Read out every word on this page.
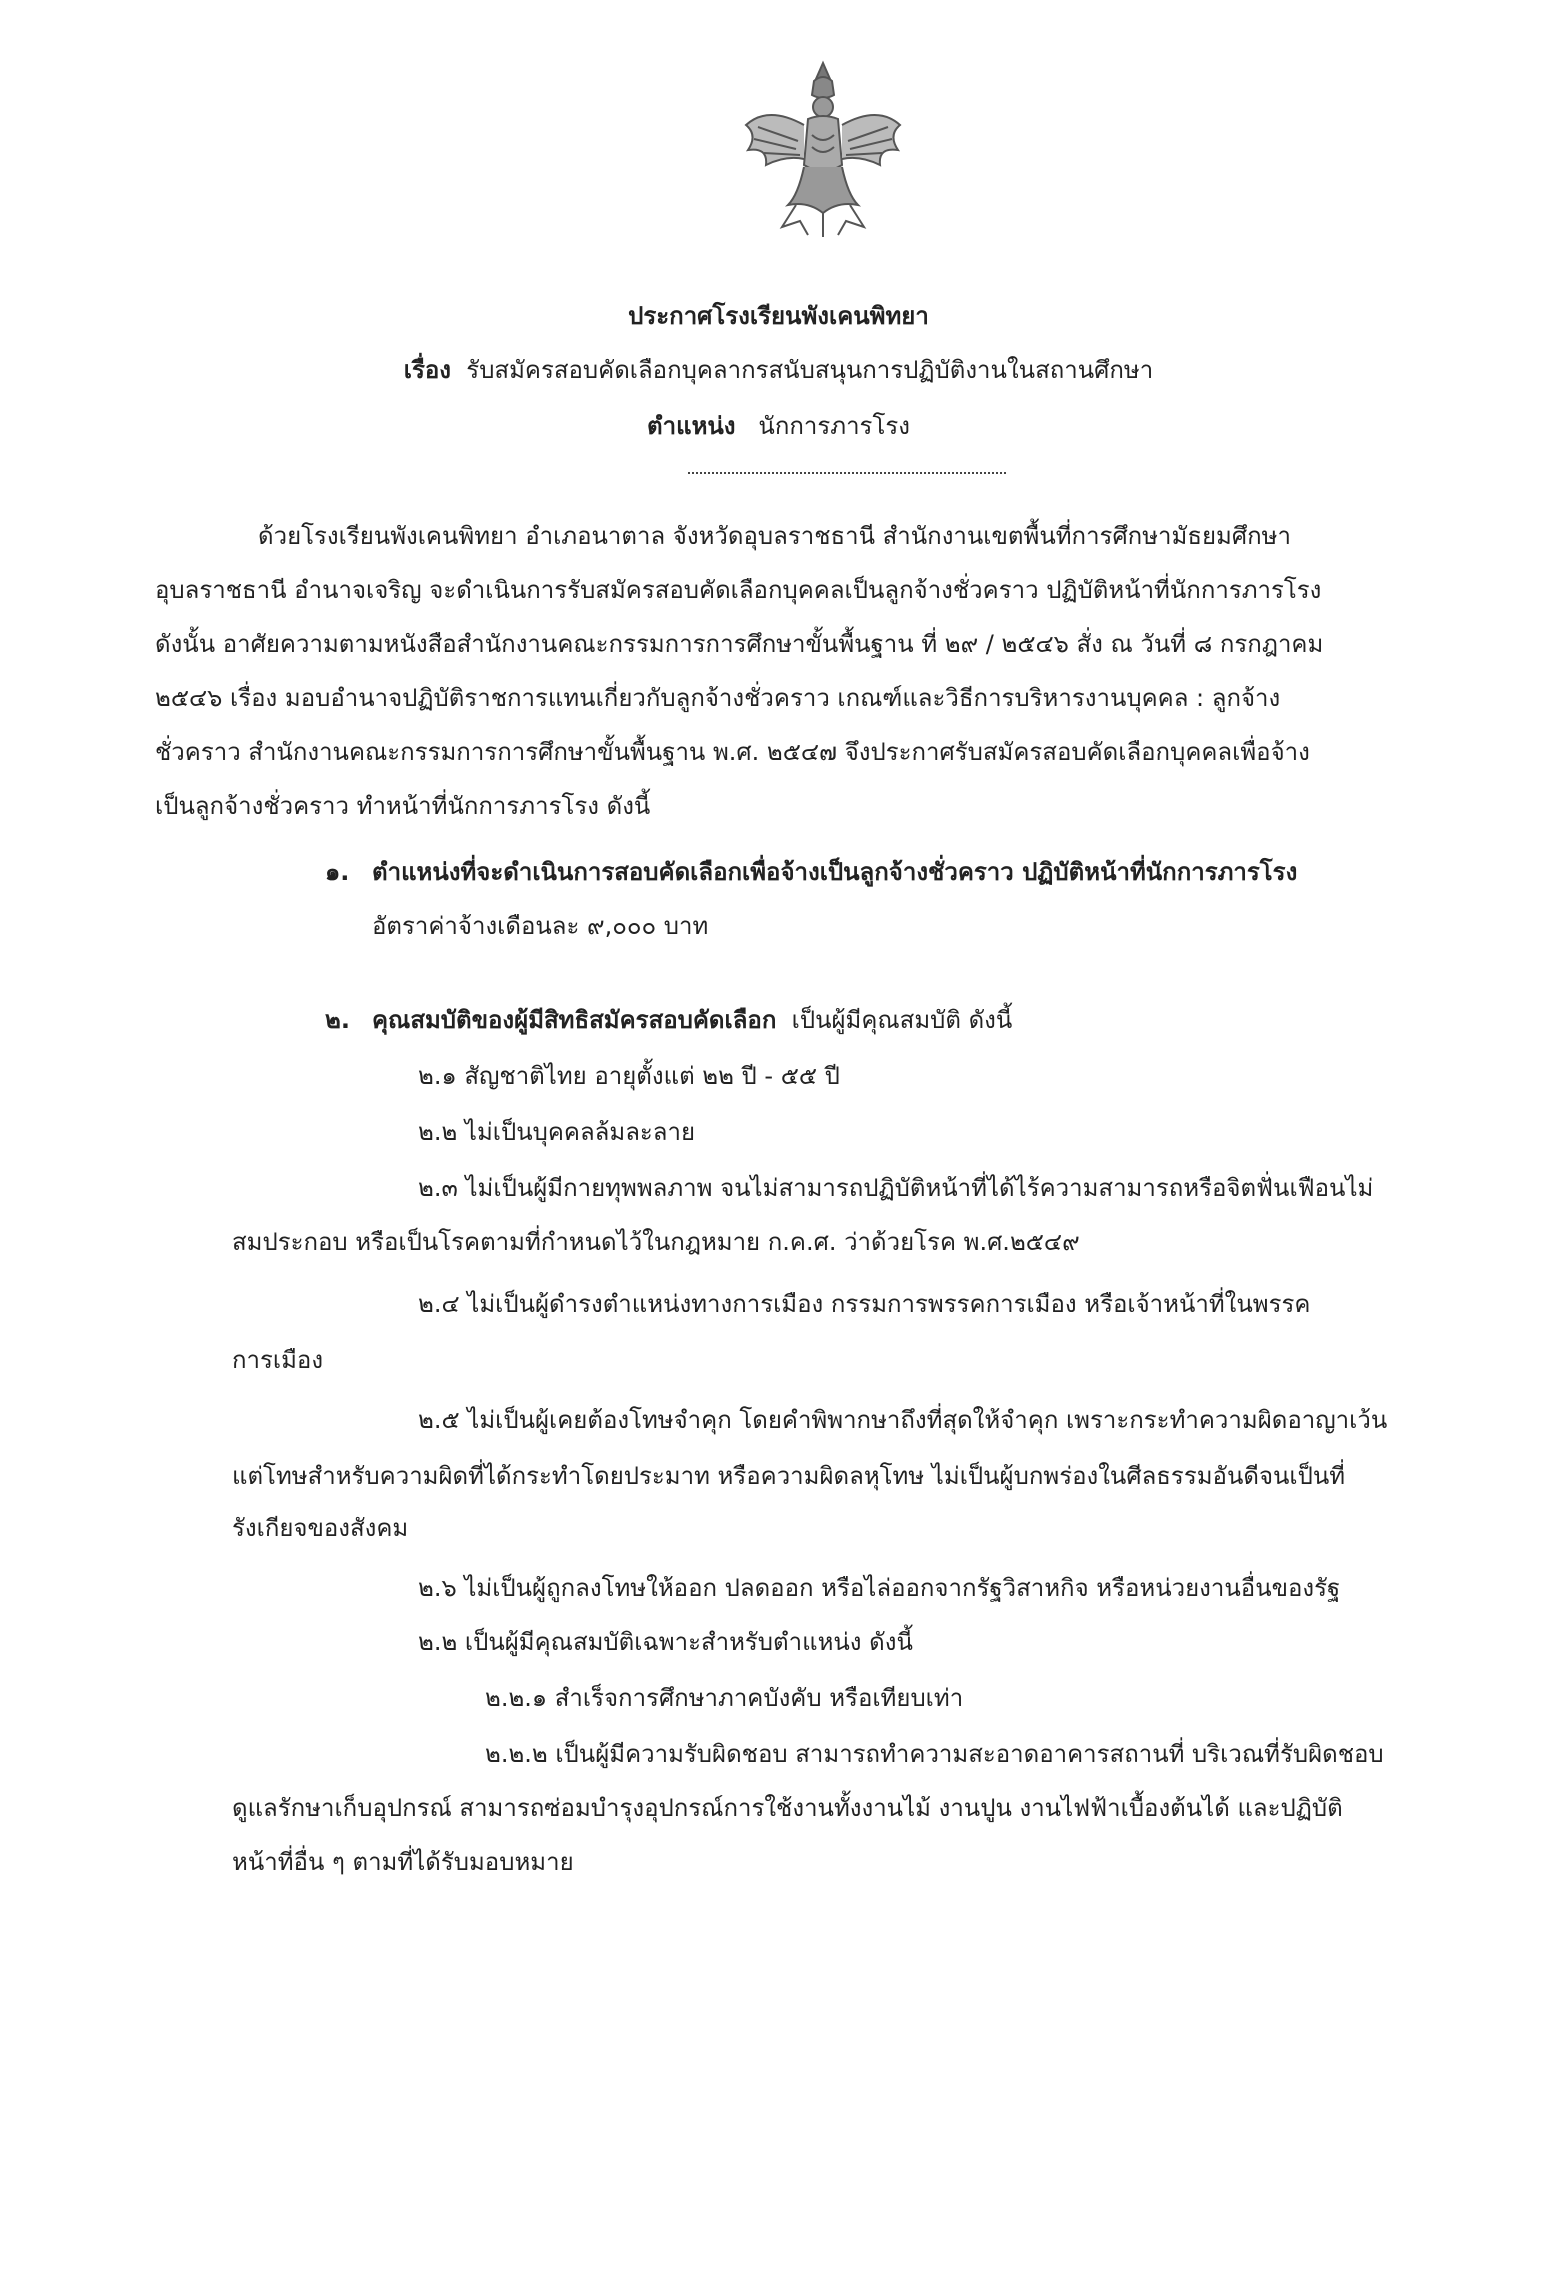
ประกาศโรงเรียนพังเคนพิทยา
เรื่อง รับสมัครสอบคัดเลือกบุคลากรสนับสนุนการปฏิบัติงานในสถานศึกษา
ตำแหน่ง นักการภารโรง
ด้วยโรงเรียนพังเคนพิทยา อำเภอนาตาล จังหวัดอุบลราชธานี สำนักงานเขตพื้นที่การศึกษามัธยมศึกษา
อุบลราชธานี อำนาจเจริญ จะดำเนินการรับสมัครสอบคัดเลือกบุคคลเป็นลูกจ้างชั่วคราว ปฏิบัติหน้าที่นักการภารโรง
ดังนั้น อาศัยความตามหนังสือสำนักงานคณะกรรมการการศึกษาขั้นพื้นฐาน ที่ ๒๙ / ๒๕๔๖ สั่ง ณ วันที่ ๘ กรกฎาคม
๒๕๔๖ เรื่อง มอบอำนาจปฏิบัติราชการแทนเกี่ยวกับลูกจ้างชั่วคราว เกณฑ์และวิธีการบริหารงานบุคคล : ลูกจ้าง
ชั่วคราว สำนักงานคณะกรรมการการศึกษาขั้นพื้นฐาน พ.ศ. ๒๕๔๗ จึงประกาศรับสมัครสอบคัดเลือกบุคคลเพื่อจ้าง
เป็นลูกจ้างชั่วคราว ทำหน้าที่นักการภารโรง ดังนี้
๑. ตำแหน่งที่จะดำเนินการสอบคัดเลือกเพื่อจ้างเป็นลูกจ้างชั่วคราว ปฏิบัติหน้าที่นักการภารโรง
อัตราค่าจ้างเดือนละ ๙,๐๐๐ บาท
๒. คุณสมบัติของผู้มีสิทธิสมัครสอบคัดเลือก เป็นผู้มีคุณสมบัติ ดังนี้
๒.๑ สัญชาติไทย อายุตั้งแต่ ๒๒ ปี - ๕๕ ปี
๒.๒ ไม่เป็นบุคคลล้มละลาย
๒.๓ ไม่เป็นผู้มีกายทุพพลภาพ จนไม่สามารถปฏิบัติหน้าที่ได้ไร้ความสามารถหรือจิตฟั่นเฟือนไม่
สมประกอบ หรือเป็นโรคตามที่กำหนดไว้ในกฎหมาย ก.ค.ศ. ว่าด้วยโรค พ.ศ.๒๕๔๙
๒.๔ ไม่เป็นผู้ดำรงตำแหน่งทางการเมือง กรรมการพรรคการเมือง หรือเจ้าหน้าที่ในพรรค
การเมือง
๒.๕ ไม่เป็นผู้เคยต้องโทษจำคุก โดยคำพิพากษาถึงที่สุดให้จำคุก เพราะกระทำความผิดอาญาเว้น
แต่โทษสำหรับความผิดที่ได้กระทำโดยประมาท หรือความผิดลหุโทษ ไม่เป็นผู้บกพร่องในศีลธรรมอันดีจนเป็นที่
รังเกียจของสังคม
๒.๖ ไม่เป็นผู้ถูกลงโทษให้ออก ปลดออก หรือไล่ออกจากรัฐวิสาหกิจ หรือหน่วยงานอื่นของรัฐ
๒.๒ เป็นผู้มีคุณสมบัติเฉพาะสำหรับตำแหน่ง ดังนี้
๒.๒.๑ สำเร็จการศึกษาภาคบังคับ หรือเทียบเท่า
๒.๒.๒ เป็นผู้มีความรับผิดชอบ สามารถทำความสะอาดอาคารสถานที่ บริเวณที่รับผิดชอบ
ดูแลรักษาเก็บอุปกรณ์ สามารถซ่อมบำรุงอุปกรณ์การใช้งานทั้งงานไม้ งานปูน งานไฟฟ้าเบื้องต้นได้ และปฏิบัติ
หน้าที่อื่น ๆ ตามที่ได้รับมอบหมาย
